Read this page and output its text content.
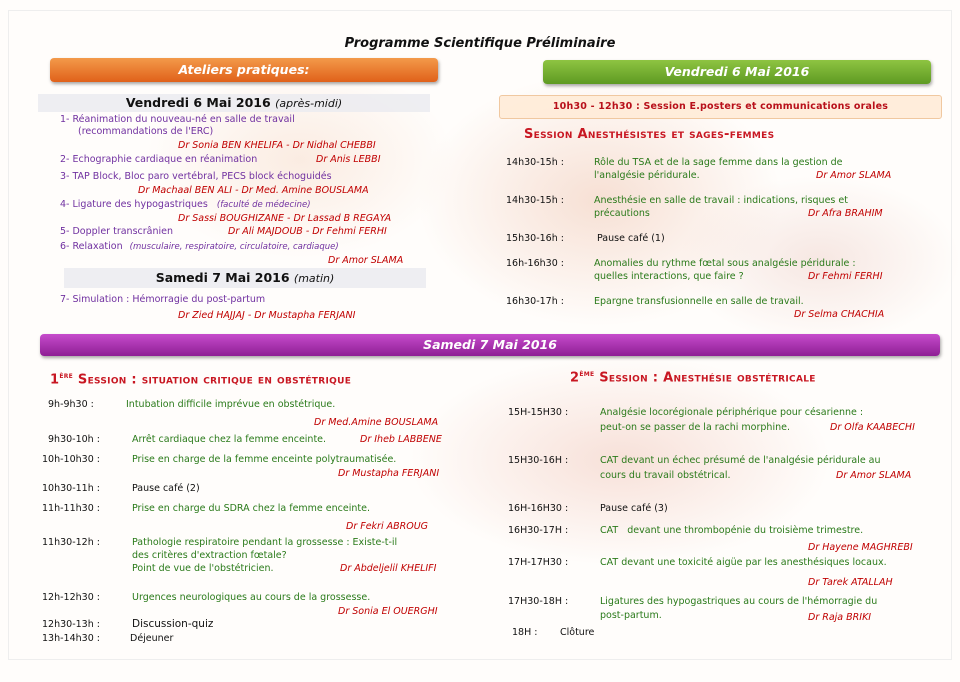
Programme Scientifique Préliminaire
Ateliers pratiques:
Vendredi 6 Mai 2016 (après-midi)
1- Réanimation du nouveau-né en salle de travail
(recommandations de l'ERC)
Dr Sonia BEN KHELIFA - Dr Nidhal CHEBBI
2- Echographie cardiaque en réanimation	Dr Anis LEBBI
3- TAP Block, Bloc paro vertébral, PECS block échoguidés
Dr Machaal BEN ALI - Dr Med. Amine BOUSLAMA
4- Ligature des hypogastriques (faculté de médecine)
Dr Sassi BOUGHIZANE - Dr Lassad B REGAYA
5- Doppler transcrânien	Dr Ali MAJDOUB - Dr Fehmi FERHI
6- Relaxation (musculaire, respiratoire, circulatoire, cardiaque)
Dr Amor SLAMA
Samedi 7 Mai 2016 (matin)
7- Simulation : Hémorragie du post-partum
Dr Zied HAJJAJ - Dr Mustapha FERJANI
Vendredi 6 Mai 2016
10h30 - 12h30 : Session E.posters et communications orales
Session Anesthésistes et sages-femmes
14h30-15h :	Rôle du TSA et de la sage femme dans la gestion de
l'analgésie péridurale.	Dr Amor SLAMA
14h30-15h :	Anesthésie en salle de travail : indications, risques et
précautions	Dr Afra BRAHIM
15h30-16h :	Pause café (1)
16h-16h30 :	Anomalies du rythme fœtal sous analgésie péridurale :
quelles interactions, que faire ?	Dr Fehmi FERHI
16h30-17h :	Epargne transfusionnelle en salle de travail.
Dr Selma CHACHIA
Samedi 7 Mai 2016
1ère Session : situation critique en obstétrique
9h-9h30 :	Intubation difficile imprévue en obstétrique.
Dr Med.Amine BOUSLAMA
9h30-10h :	Arrêt cardiaque chez la femme enceinte.	Dr Iheb LABBENE
10h-10h30 :	Prise en charge de la femme enceinte polytraumatisée.
Dr Mustapha FERJANI
10h30-11h :	Pause café (2)
11h-11h30 :	Prise en charge du SDRA chez la femme enceinte.
Dr Fekri ABROUG
11h30-12h :	Pathologie respiratoire pendant la grossesse : Existe-t-il
des critères d'extraction fœtale?
Point de vue de l'obstétricien.	Dr Abdeljelil KHELIFI
12h-12h30 :	Urgences neurologiques au cours de la grossesse.
Dr Sonia El OUERGHI
12h30-13h :	Discussion-quiz
13h-14h30 :	Déjeuner
2ème Session : Anesthésie obstétricale
15H-15H30 :	Analgésie locorégionale périphérique pour césarienne :
peut-on se passer de la rachi morphine.	Dr Olfa KAABECHI
15H30-16H :	CAT devant un échec présumé de l'analgésie péridurale au
cours du travail obstétrical.	Dr Amor SLAMA
16H-16H30 :	Pause café (3)
16H30-17H :	CAT   devant une thrombopénie du troisième trimestre.
Dr Hayene MAGHREBI
17H-17H30 :	CAT devant une toxicité aigüe par les anesthésiques locaux.
Dr Tarek ATALLAH
17H30-18H :	Ligatures des hypogastriques au cours de l'hémorragie du
post-partum.	Dr Raja BRIKI
18H : Clôture
